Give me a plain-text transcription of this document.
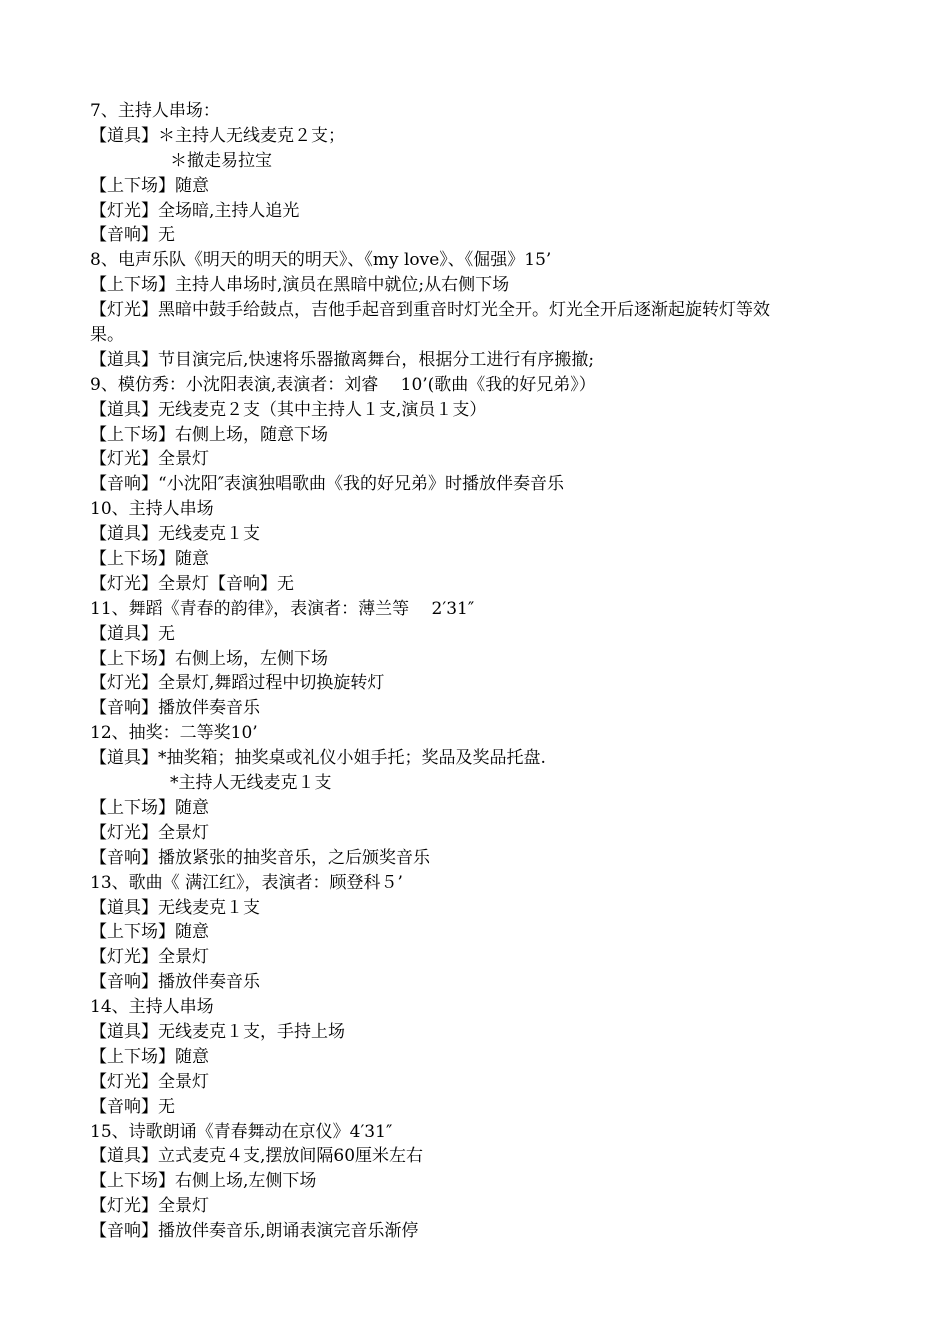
7、主持人串场：
【道具】＊主持人无线麦克２支；
＊撤走易拉宝
【上下场】随意
【灯光】全场暗,主持人追光
【音响】无
8、电声乐队《明天的明天的明天》、《my love》、《倔强》15’
【上下场】主持人串场时,演员在黑暗中就位;从右侧下场
【灯光】黑暗中鼓手给鼓点，吉他手起音到重音时灯光全开。灯光全开后逐渐起旋转灯等效
果。
【道具】节目演完后,快速将乐器撤离舞台，根据分工进行有序搬撤;
9、模仿秀：小沈阳表演,表演者：刘睿　 10’(歌曲《我的好兄弟》）
【道具】无线麦克２支（其中主持人１支,演员１支）
【上下场】右侧上场，随意下场
【灯光】全景灯
【音响】“小沈阳″表演独唱歌曲《我的好兄弟》时播放伴奏音乐
10、主持人串场
【道具】无线麦克１支
【上下场】随意
【灯光】全景灯【音响】无
11、舞蹈《青春的韵律》，表演者：薄兰等　 2′31″
【道具】无
【上下场】右侧上场，左侧下场
【灯光】全景灯,舞蹈过程中切换旋转灯
【音响】播放伴奏音乐
12、抽奖：二等奖10’
【道具】*抽奖箱；抽奖桌或礼仪小姐手托；奖品及奖品托盘.
*主持人无线麦克１支
【上下场】随意
【灯光】全景灯
【音响】播放紧张的抽奖音乐，之后颁奖音乐
13、歌曲《 满江红》，表演者：顾登科５’
【道具】无线麦克１支
【上下场】随意
【灯光】全景灯
【音响】播放伴奏音乐
14、主持人串场
【道具】无线麦克１支，手持上场
【上下场】随意
【灯光】全景灯
【音响】无
15、诗歌朗诵《青春舞动在京仪》4′31″
【道具】立式麦克４支,摆放间隔60厘米左右
【上下场】右侧上场,左侧下场
【灯光】全景灯
【音响】播放伴奏音乐,朗诵表演完音乐渐停
